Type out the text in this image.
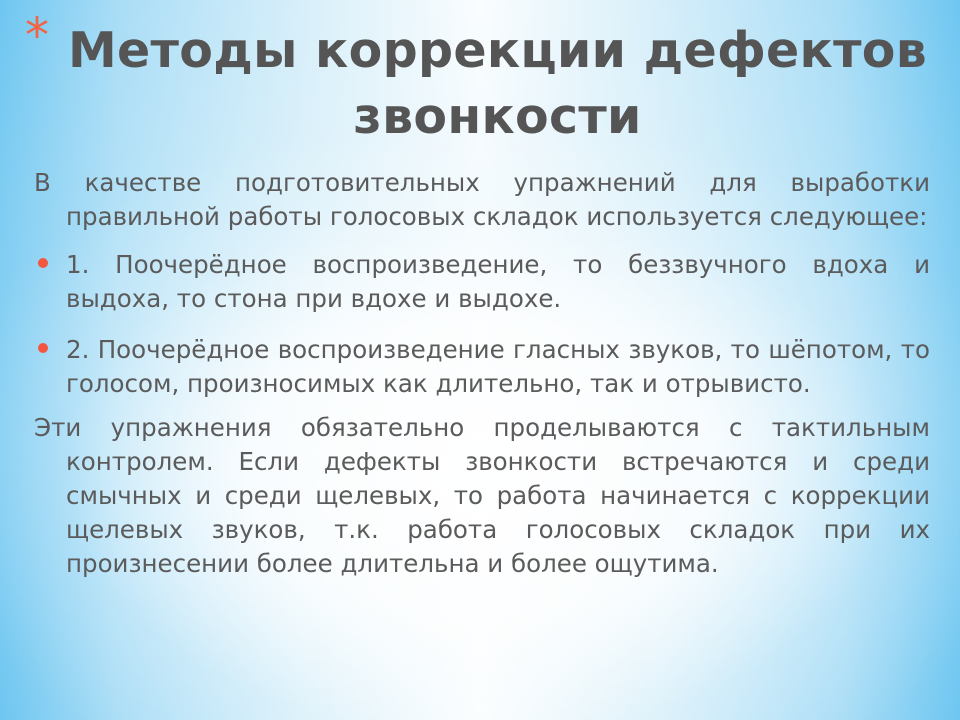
* Методы коррекции дефектов звонкости

В качестве подготовительных упражнений для выработки правильной работы голосовых складок используется следующее:

1. Поочерёдное воспроизведение, то беззвучного вдоха и выдоха, то стона при вдохе и выдохе.
2. Поочерёдное воспроизведение гласных звуков, то шёпотом, то голосом, произносимых как длительно, так и отрывисто.

Эти упражнения обязательно проделываются с тактильным контролем. Если дефекты звонкости встречаются и среди смычных и среди щелевых, то работа начинается с коррекции щелевых звуков, т.к. работа голосовых складок при их произнесении более длительна и более ощутима.
